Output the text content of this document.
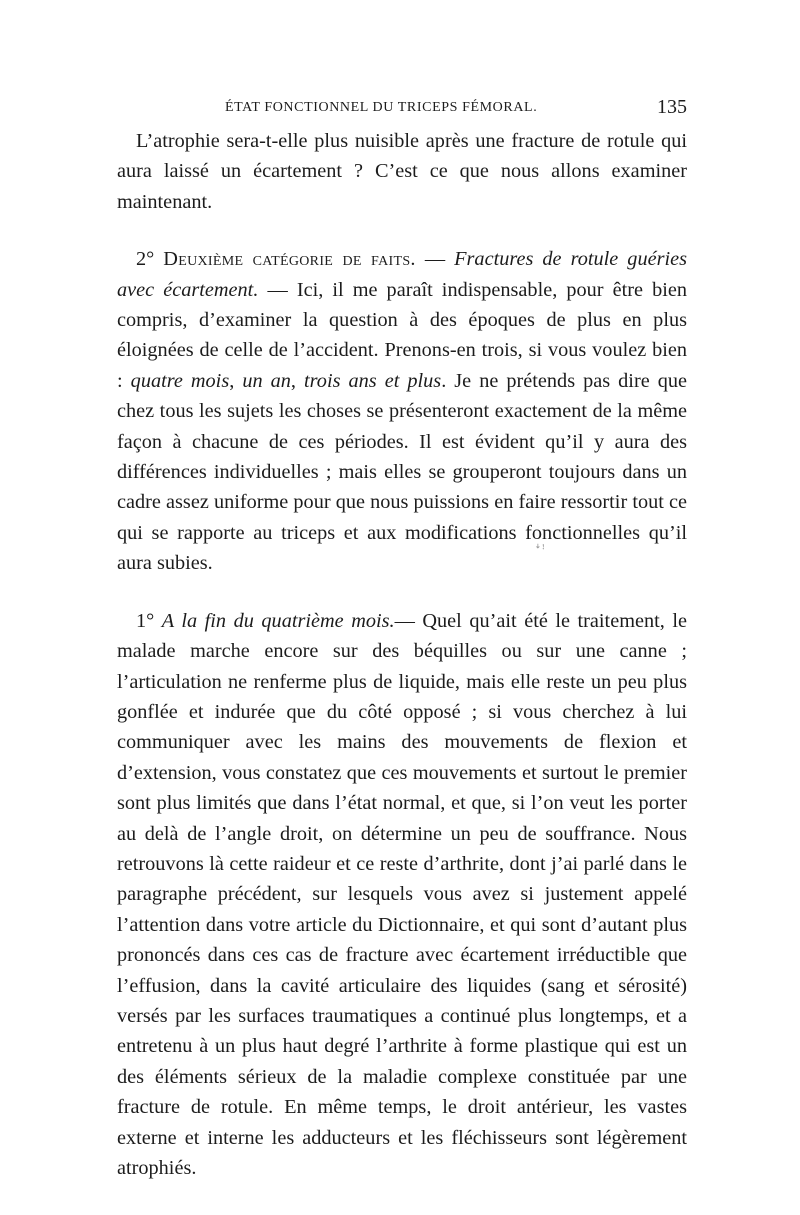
ÉTAT FONCTIONNEL DU TRICEPS FÉMORAL.	135

L’atrophie sera-t-elle plus nuisible après une fracture de rotule qui aura laissé un écartement ? C’est ce que nous allons examiner maintenant.

2° Deuxième catégorie de faits. — Fractures de rotule guéries avec écartement. — Ici, il me paraît indispensable, pour être bien compris, d’examiner la question à des époques de plus en plus éloignées de celle de l’accident. Prenons-en trois, si vous voulez bien : quatre mois, un an, trois ans et plus. Je ne prétends pas dire que chez tous les sujets les choses se présenteront exactement de la même façon à chacune de ces périodes. Il est évident qu’il y aura des différences individuelles ; mais elles se grouperont toujours dans un cadre assez uniforme pour que nous puissions en faire ressortir tout ce qui se rapporte au triceps et aux modifications fonctionnelles qu’il aura subies.

1° A la fin du quatrième mois.— Quel qu’ait été le traitement, le malade marche encore sur des béquilles ou sur une canne ; l’articulation ne renferme plus de liquide, mais elle reste un peu plus gonflée et indurée que du côté opposé ; si vous cherchez à lui communiquer avec les mains des mouvements de flexion et d’extension, vous constatez que ces mouvements et surtout le premier sont plus limités que dans l’état normal, et que, si l’on veut les porter au delà de l’angle droit, on détermine un peu de souffrance. Nous retrouvons là cette raideur et ce reste d’arthrite, dont j’ai parlé dans le paragraphe précédent, sur lesquels vous avez si justement appelé l’attention dans votre article du Dictionnaire, et qui sont d’autant plus prononcés dans ces cas de fracture avec écartement irréductible que l’effusion, dans la cavité articulaire des liquides (sang et sérosité) versés par les surfaces traumatiques a continué plus longtemps, et a entretenu à un plus haut degré l’arthrite à forme plastique qui est un des éléments sérieux de la maladie complexe constituée par une fracture de rotule. En même temps, le droit antérieur, les vastes externe et interne les adducteurs et les fléchisseurs sont légèrement atrophiés.

ꜜꜝ
